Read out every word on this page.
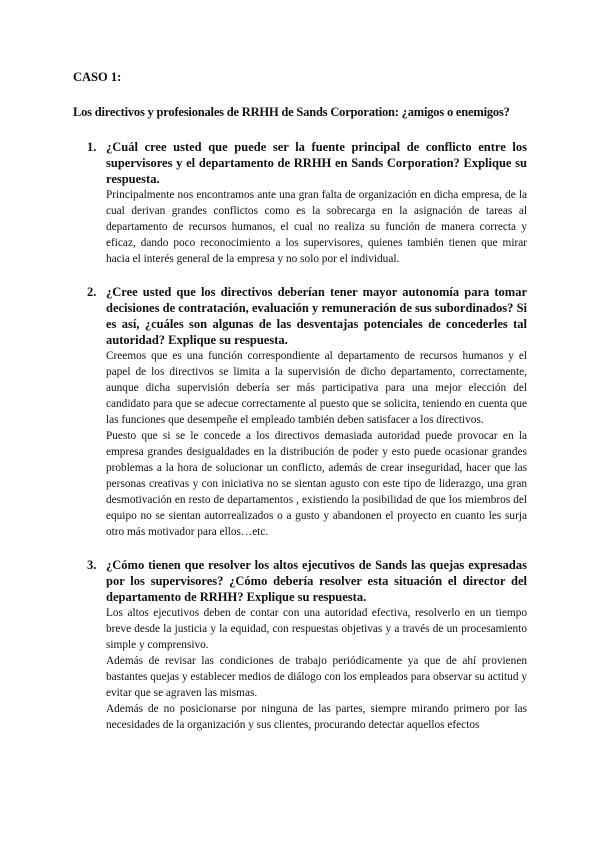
CASO 1:

Los directivos y profesionales de RRHH de Sands Corporation: ¿amigos o enemigos?

1. ¿Cuál cree usted que puede ser la fuente principal de conflicto entre los supervisores y el departamento de RRHH en Sands Corporation? Explique su respuesta.

Principalmente nos encontramos ante una gran falta de organización en dicha empresa, de la cual derivan grandes conflictos como es la sobrecarga en la asignación de tareas al departamento de recursos humanos, el cual no realiza su función de manera correcta y eficaz, dando poco reconocimiento a los supervisores, quienes también tienen que mirar hacia el interés general de la empresa y no solo por el individual.

2. ¿Cree usted que los directivos deberían tener mayor autonomía para tomar decisiones de contratación, evaluación y remuneración de sus subordinados? Si es así, ¿cuáles son algunas de las desventajas potenciales de concederles tal autoridad? Explique su respuesta.

Creemos que es una función correspondiente al departamento de recursos humanos y el papel de los directivos se limita a la supervisión de dicho departamento, correctamente, aunque dicha supervisión debería ser más participativa para una mejor elección del candidato para que se adecue correctamente al puesto que se solicita, teniendo en cuenta que las funciones que desempeñe el empleado también deben satisfacer a los directivos.

Puesto que si se le concede a los directivos demasiada autoridad puede provocar en la empresa grandes desigualdades en la distribución de poder y esto puede ocasionar grandes problemas a la hora de solucionar un conflicto, además de crear inseguridad, hacer que las personas creativas y con iniciativa no se sientan agusto con este tipo de liderazgo, una gran desmotivación en resto de departamentos , existiendo la posibilidad de que los miembros del equipo no se sientan autorrealizados o a gusto y abandonen el proyecto en cuanto les surja otro más motivador para ellos…etc.

3. ¿Cómo tienen que resolver los altos ejecutivos de Sands las quejas expresadas por los supervisores? ¿Cómo debería resolver esta situación el director del departamento de RRHH? Explique su respuesta.

Los altos ejecutivos deben de contar con una autoridad efectiva, resolverlo en un tiempo breve desde la justicia y la equidad, con respuestas objetivas y a través de un procesamiento simple y comprensivo.

Además de revisar las condiciones de trabajo periódicamente ya que de ahí provienen bastantes quejas y establecer medios de diálogo con los empleados para observar su actitud y evitar que se agraven las mismas.

Además de no posicionarse por ninguna de las partes, siempre mirando primero por las necesidades de la organización y sus clientes, procurando detectar aquellos efectos
